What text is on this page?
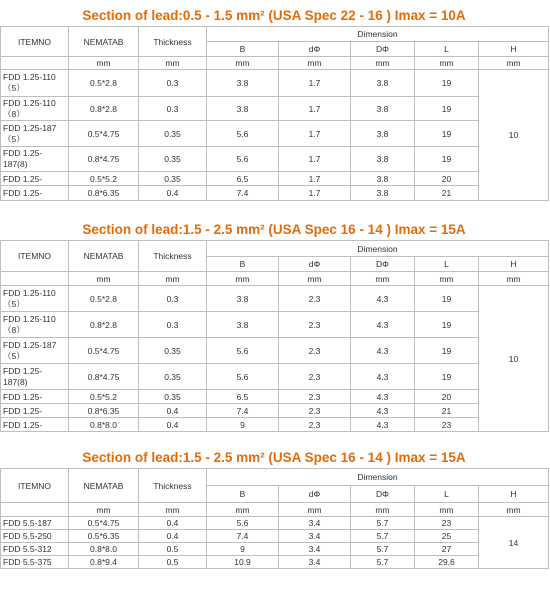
Section of lead:0.5 - 1.5 mm² (USA Spec 22 - 16 ) Imax = 10A
ITEMNO	NEMATAB	Thickness	Dimension				
			B	dΦ	DΦ	L	H
	mm	mm	mm	mm	mm	mm	mm
FDD 1.25-110（5）	0.5*2.8	0.3	3.8	1.7	3.8	19	10
FDD 1.25-110（8）	0.8*2.8	0.3	3.8	1.7	3.8	19	
FDD 1.25-187（5）	0.5*4.75	0.35	5.6	1.7	3.8	19	
FDD 1.25-187(8)	0.8*4.75	0.35	5.6	1.7	3.8	19	

FDD 1.25-	0.5*5.2	0.35	6.5	1.7	3.8	20	

FDD 1.25-	0.8*6.35	0.4	7.4	1.7	3.8	21	
Section of lead:1.5 - 2.5 mm² (USA Spec 16 - 14 ) Imax = 15A
ITEMNO	NEMATAB	Thickness	Dimension				
			B	dΦ	DΦ	L	H
	mm	mm	mm	mm	mm	mm	mm
FDD 1.25-110（5）	0.5*2.8	0.3	3.8	2.3	4.3	19	10
FDD 1.25-110（8）	0.8*2.8	0.3	3.8	2.3	4.3	19	
FDD 1.25-187（5）	0.5*4.75	0.35	5.6	2.3	4.3	19	
FDD 1.25-187(8)	0.8*4.75	0.35	5.6	2.3	4.3	19	

FDD 1.25-	0.5*5.2	0.35	6.5	2.3	4.3	20	

FDD 1.25-	0.8*6.35	0.4	7.4	2.3	4.3	21	

FDD 1.25-	0.8*8.0	0.4	9	2.3	4.3	23	
Section of lead:1.5 - 2.5 mm² (USA Spec 16 - 14 ) Imax = 15A
ITEMNO	NEMATAB	Thickness	Dimension				
			B	dΦ	DΦ	L	H
	mm	mm	mm	mm	mm	mm	mm

FDD 5.5-187	0.5*4.75	0.4	5.6	3.4	5.7	23	14

FDD 5.5-250	0.5*6.35	0.4	7.4	3.4	5.7	25	

FDD 5.5-312	0.8*8.0	0.5	9	3.4	5.7	27	

FDD 5.5-375	0.8*9.4	0.5	10.9	3.4	5.7	29.6	
